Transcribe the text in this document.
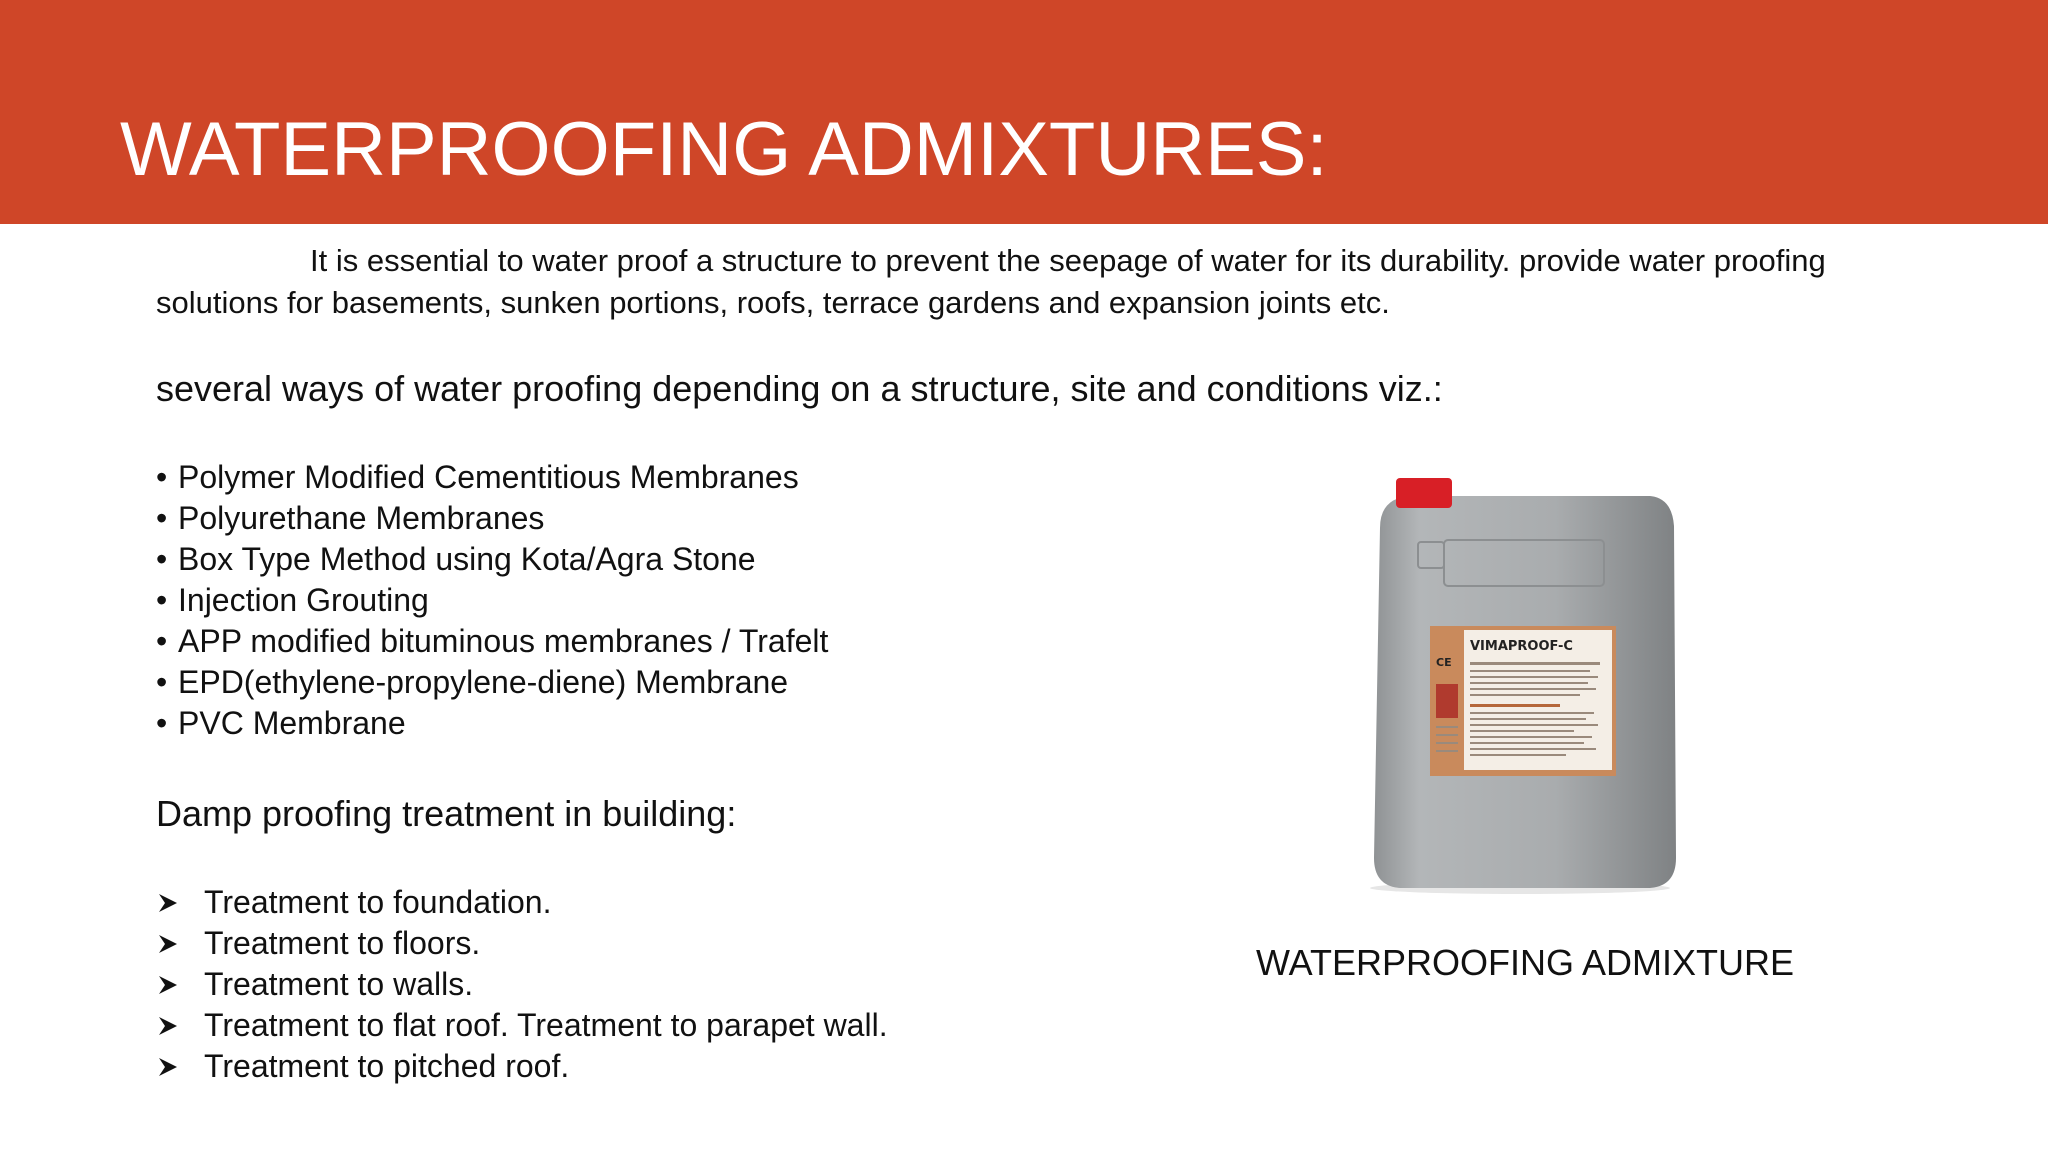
WATERPROOFING ADMIXTURES:

It is essential to water proof a structure to prevent the seepage of water for its durability. provide water proofing solutions for basements, sunken portions, roofs, terrace gardens and expansion joints etc.

several ways of water proofing depending on a structure, site and conditions viz.:
• Polymer Modified Cementitious Membranes
• Polyurethane Membranes
• Box Type Method using Kota/Agra Stone
• Injection Grouting
• APP modified bituminous membranes / Trafelt
• EPD(ethylene-propylene-diene) Membrane
• PVC Membrane
Damp proofing treatment in building:
Treatment to foundation.
Treatment to floors.
Treatment to walls.
Treatment to flat roof. Treatment to parapet wall.
Treatment to pitched roof.
VIMAPROOF-C
CE

WATERPROOFING ADMIXTURE
